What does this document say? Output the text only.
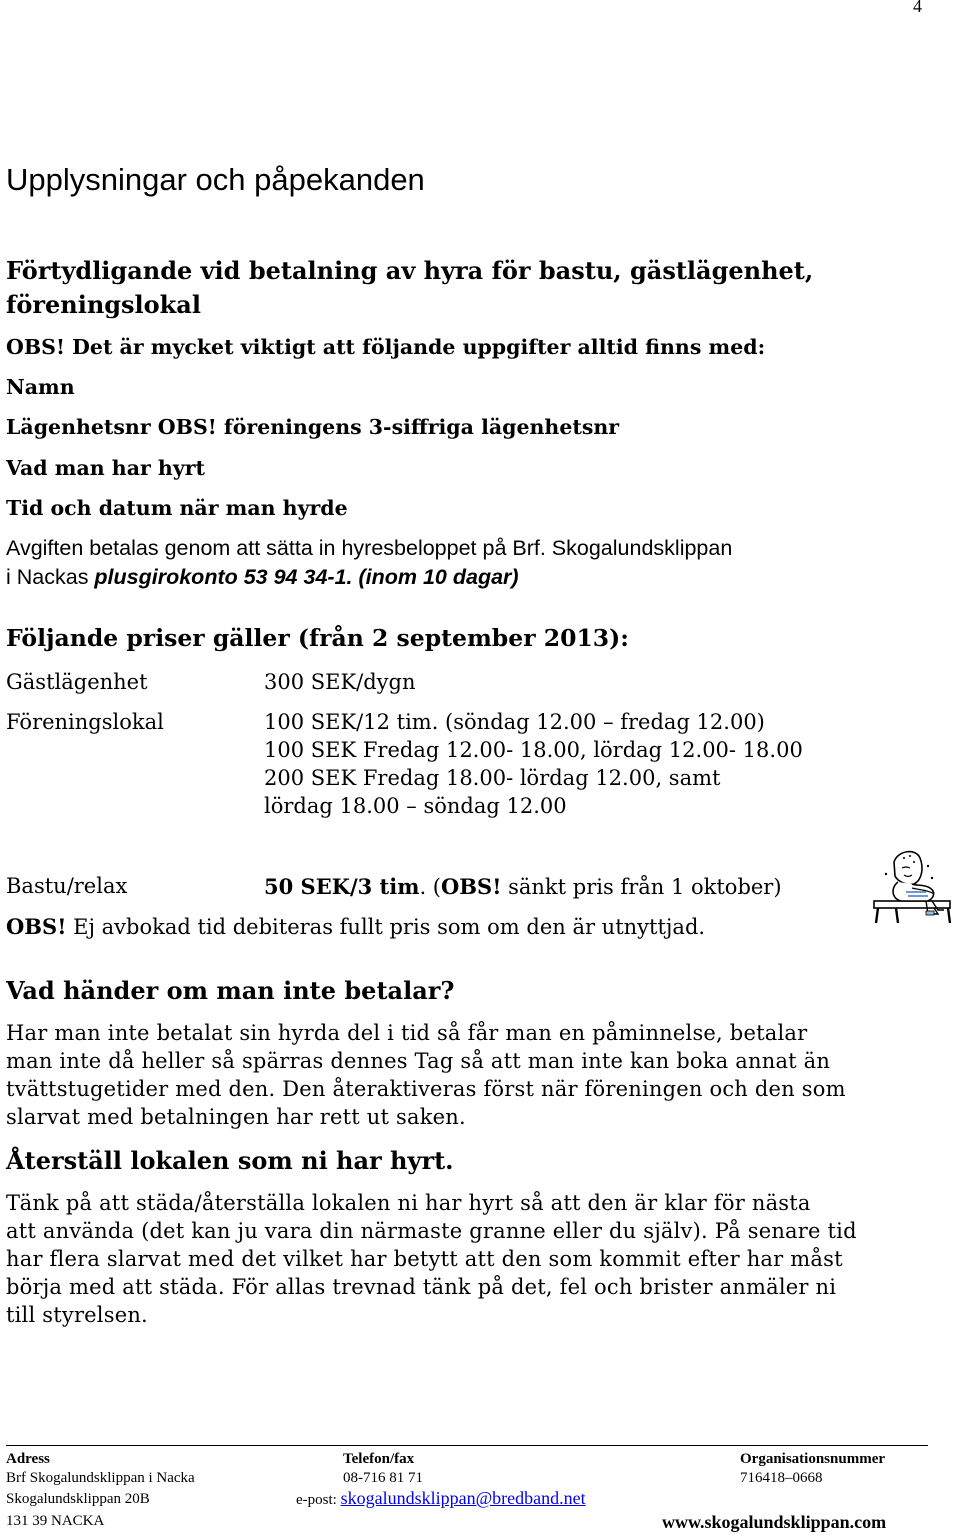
4
Upplysningar och påpekanden
Förtydligande vid betalning av hyra för bastu, gästlägenhet,
föreningslokal
OBS! Det är mycket viktigt att följande uppgifter alltid finns med:
Namn
Lägenhetsnr OBS! föreningens 3-siffriga lägenhetsnr
Vad man har hyrt
Tid och datum när man hyrde
Avgiften betalas genom att sätta in hyresbeloppet på Brf. Skogalundsklippan
i Nackas plusgirokonto 53 94 34-1. (inom 10 dagar)
Följande priser gäller (från 2 september 2013):
Gästlägenhet	300 SEK/dygn
Föreningslokal	100 SEK/12 tim. (söndag 12.00 – fredag 12.00)
100 SEK Fredag 12.00- 18.00, lördag 12.00- 18.00
200 SEK Fredag 18.00- lördag 12.00, samt
lördag 18.00 – söndag 12.00
Bastu/relax	50 SEK/3 tim. (OBS! sänkt pris från 1 oktober)
OBS! Ej avbokad tid debiteras fullt pris som om den är utnyttjad.
Vad händer om man inte betalar?
Har man inte betalat sin hyrda del i tid så får man en påminnelse, betalar
man inte då heller så spärras dennes Tag så att man inte kan boka annat än
tvättstugetider med den. Den återaktiveras först när föreningen och den som
slarvat med betalningen har rett ut saken.
Återställ lokalen som ni har hyrt.
Tänk på att städa/återställa lokalen ni har hyrt så att den är klar för nästa
att använda (det kan ju vara din närmaste granne eller du själv). På senare tid
har flera slarvat med det vilket har betytt att den som kommit efter har måst
börja med att städa. För allas trevnad tänk på det, fel och brister anmäler ni
till styrelsen.
Adress	Telefon/fax	Organisationsnummer
Brf Skogalundsklippan i Nacka	08-716 81 71	716418–0668
Skogalundsklippan 20B	e-post: skogalundsklippan@bredband.net
131 39 NACKA	www.skogalundsklippan.com
